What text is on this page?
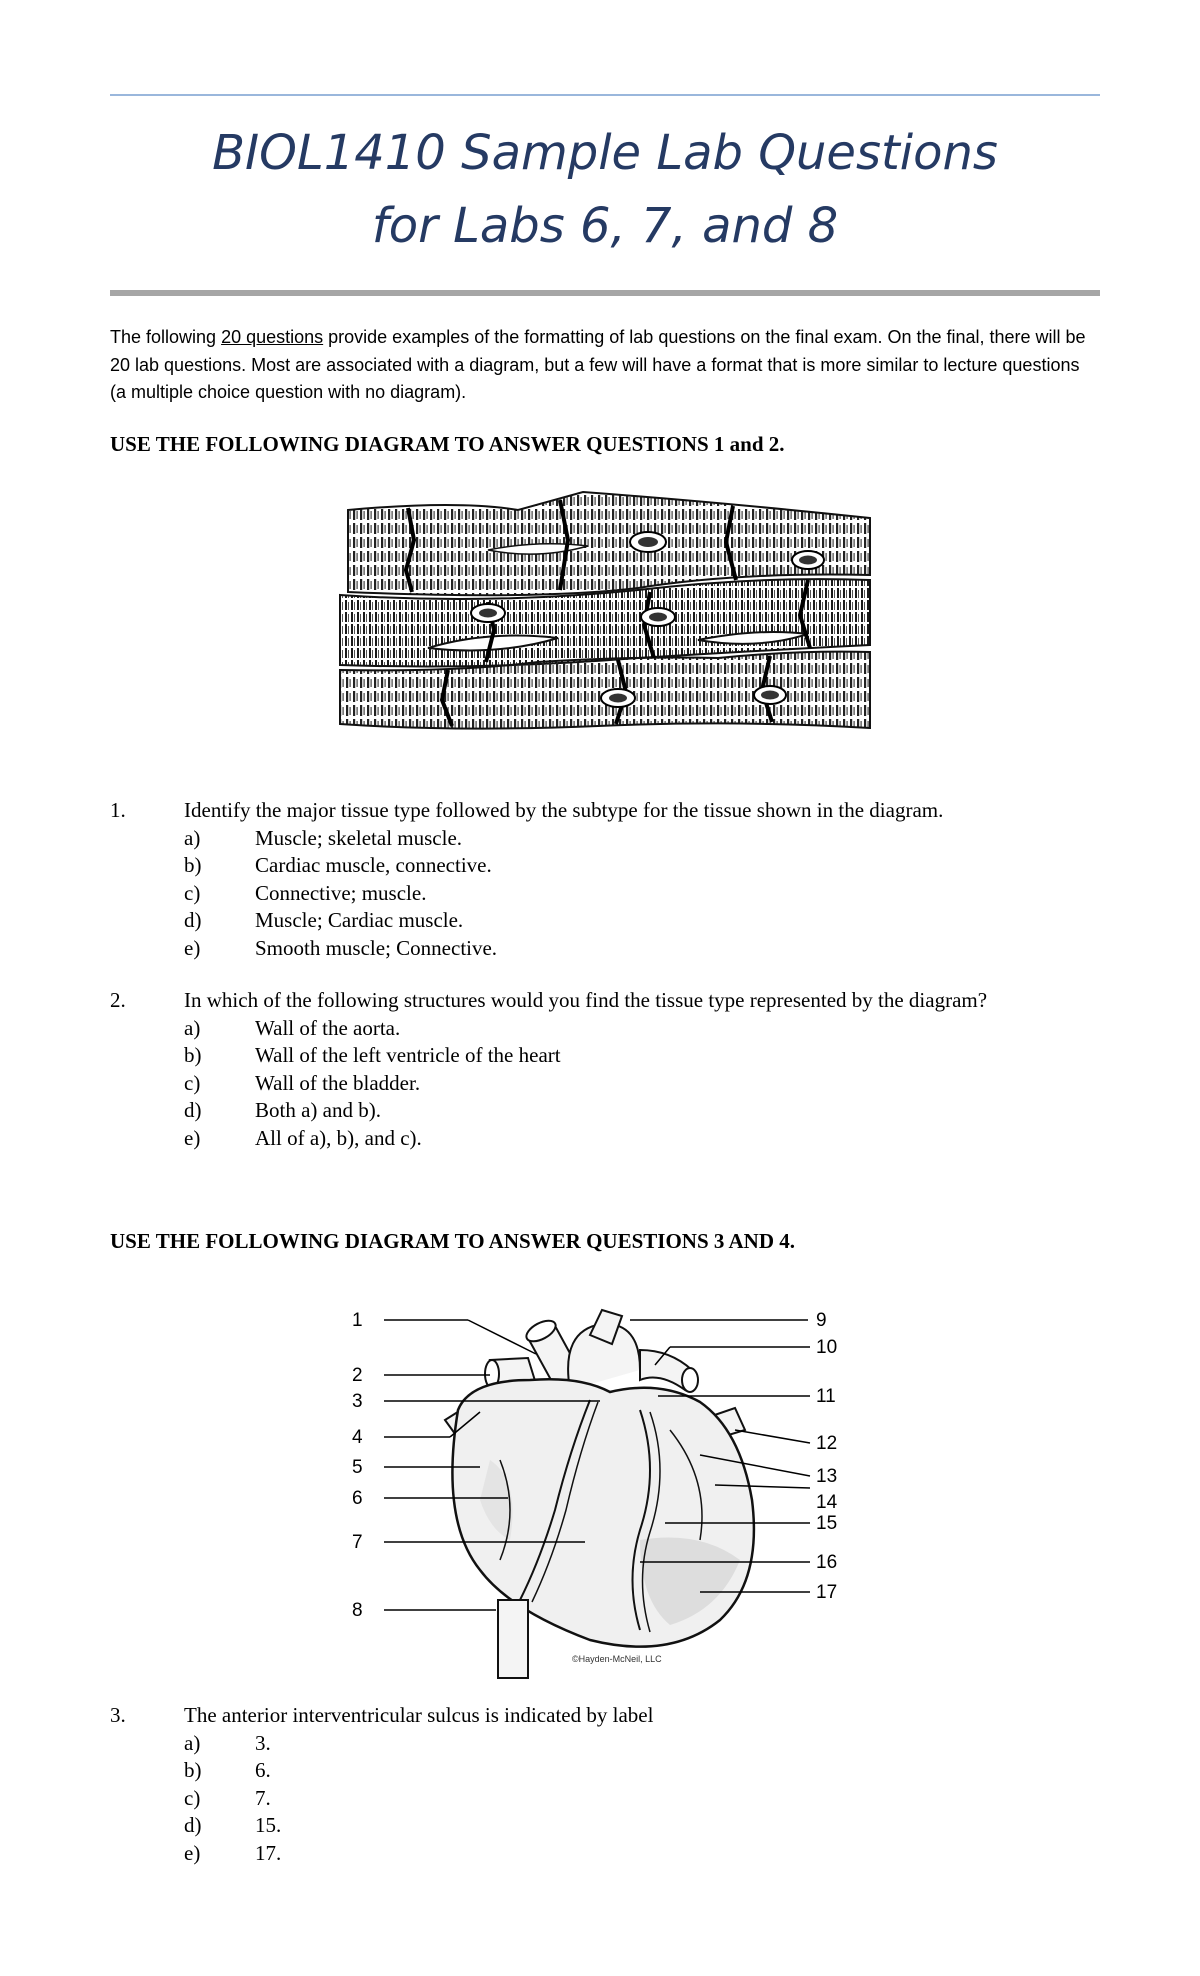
BIOL1410 Sample Lab Questions
for Labs 6, 7, and 8
The following 20 questions provide examples of the formatting of lab questions on the final exam. On the final, there will be 20 lab questions. Most are associated with a diagram, but a few will have a format that is more similar to lecture questions (a multiple choice question with no diagram).
USE THE FOLLOWING DIAGRAM TO ANSWER QUESTIONS 1 and 2.
1.	Identify the major tissue type followed by the subtype for the tissue shown in the diagram.
a)	Muscle; skeletal muscle.
b)	Cardiac muscle, connective.
c)	Connective; muscle.
d)	Muscle; Cardiac muscle.
e)	Smooth muscle; Connective.
2.	In which of the following structures would you find the tissue type represented by the diagram?
a)	Wall of the aorta.
b)	Wall of the left ventricle of the heart
c)	Wall of the bladder.
d)	Both a) and b).
e)	All of a), b), and c).
USE THE FOLLOWING DIAGRAM TO ANSWER QUESTIONS 3 AND 4.
1
2
3
4
5
6
7
8
9
10
11
12
13
14
15
16
17
©Hayden-McNeil, LLC
3.	The anterior interventricular sulcus is indicated by label
a)	3.
b)	6.
c)	7.
d)	15.
e)	17.
